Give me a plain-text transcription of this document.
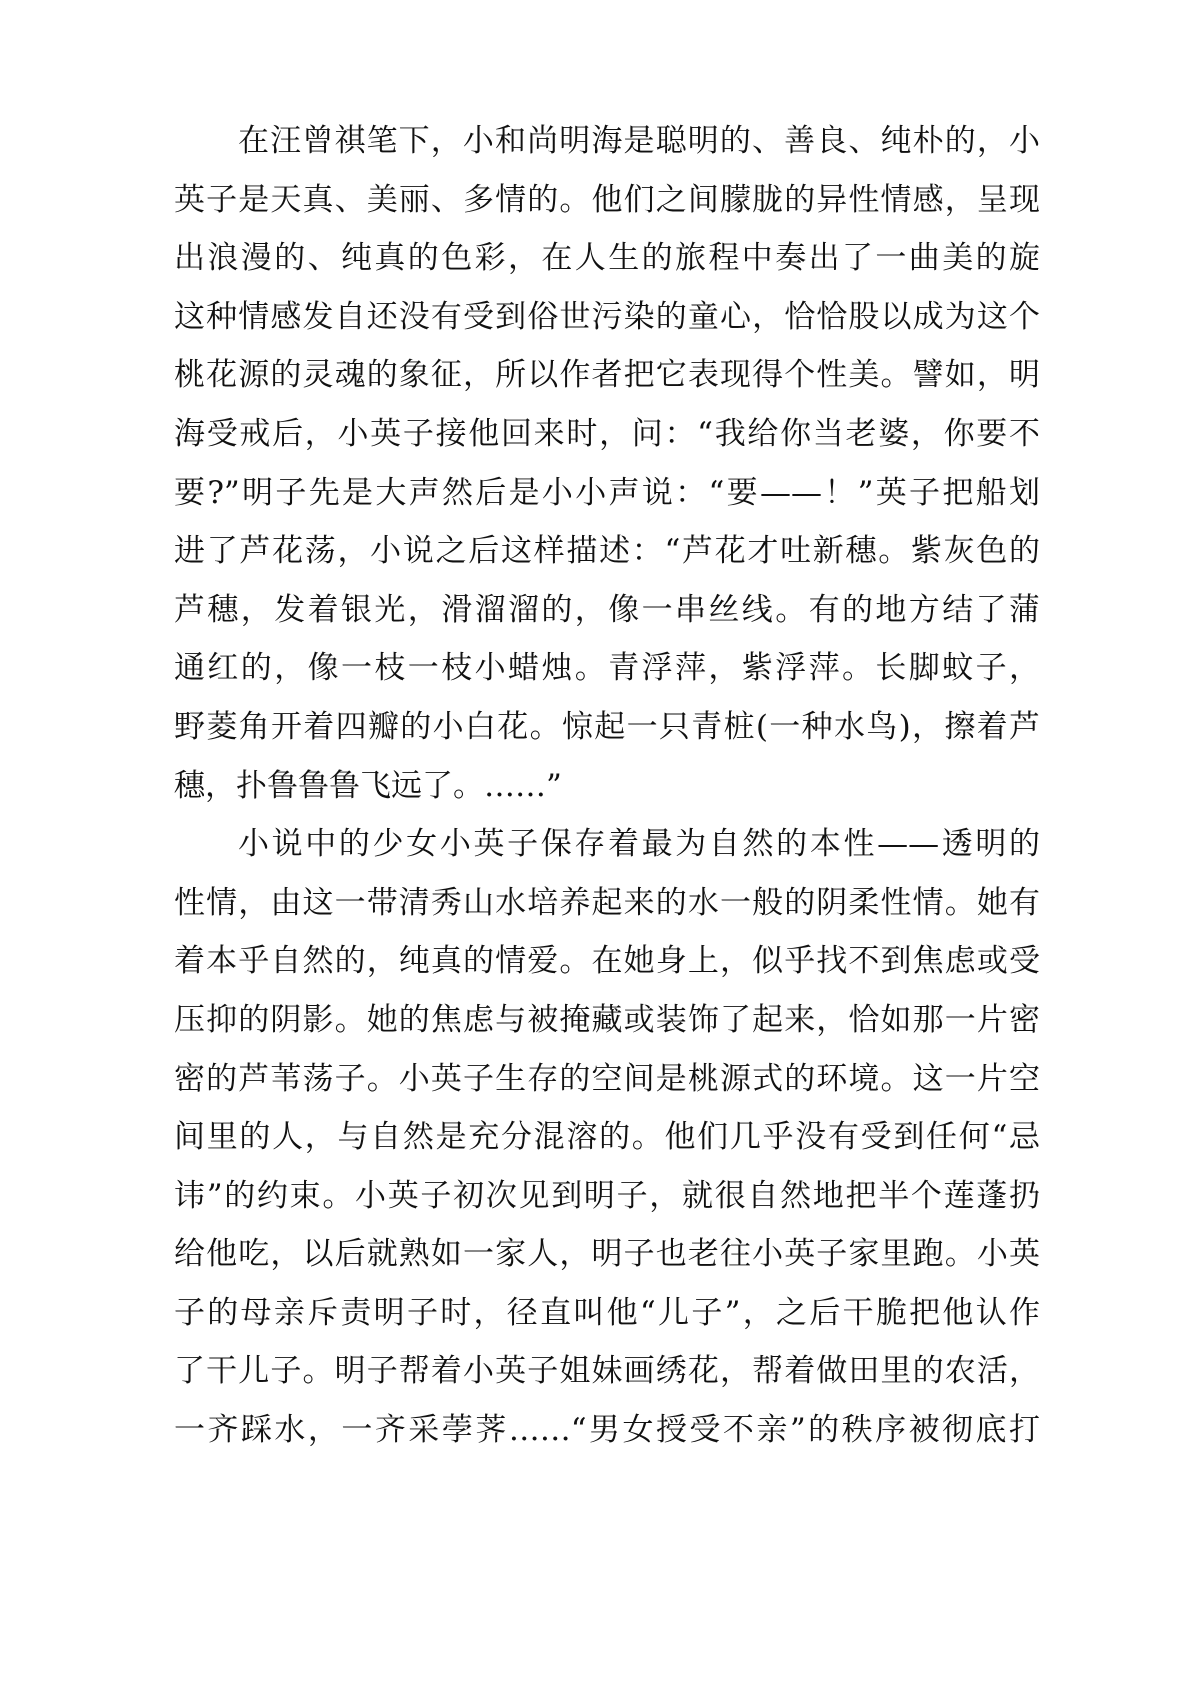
在汪曾祺笔下，小和尚明海是聪明的、善良、纯朴的，小
英子是天真、美丽、多情的。他们之间朦胧的异性情感，呈现
出浪漫的、纯真的色彩，在人生的旅程中奏出了一曲美的旋
这种情感发自还没有受到俗世污染的童心，恰恰股以成为这个
桃花源的灵魂的象征，所以作者把它表现得个性美。譬如，明
海受戒后，小英子接他回来时，问：“我给你当老婆，你要不
要?”明子先是大声然后是小小声说：“要——！”英子把船划
进了芦花荡，小说之后这样描述：“芦花才吐新穗。紫灰色的
芦穗，发着银光，滑溜溜的，像一串丝线。有的地方结了蒲
通红的，像一枝一枝小蜡烛。青浮萍，紫浮萍。长脚蚊子，
野菱角开着四瓣的小白花。惊起一只青桩(一种水鸟)，擦着芦
穗，扑鲁鲁鲁飞远了。……”
小说中的少女小英子保存着最为自然的本性——透明的
性情，由这一带清秀山水培养起来的水一般的阴柔性情。她有
着本乎自然的，纯真的情爱。在她身上，似乎找不到焦虑或受
压抑的阴影。她的焦虑与被掩藏或装饰了起来，恰如那一片密
密的芦苇荡子。小英子生存的空间是桃源式的环境。这一片空
间里的人，与自然是充分混溶的。他们几乎没有受到任何“忌
讳”的约束。小英子初次见到明子，就很自然地把半个莲蓬扔
给他吃，以后就熟如一家人，明子也老往小英子家里跑。小英
子的母亲斥责明子时，径直叫他“儿子”，之后干脆把他认作
了干儿子。明子帮着小英子姐妹画绣花，帮着做田里的农活，
一齐踩水，一齐采荸荠……“男女授受不亲”的秩序被彻底打
